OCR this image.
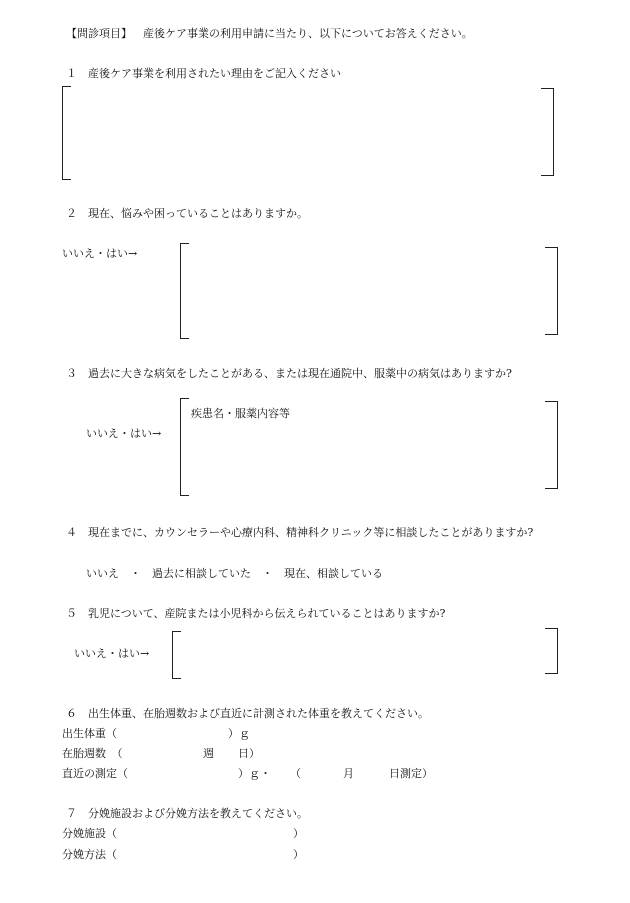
【問診項目】 産後ケア事業の利用申請に当たり、以下についてお答えください。
１ 産後ケア事業を利用されたい理由をご記入ください
２ 現在、悩みや困っていることはありますか。
いいえ・はい→
３ 過去に大きな病気をしたことがある、または現在通院中、服薬中の病気はありますか?
いいえ・はい→
疾患名・服薬内容等
４ 現在までに、カウンセラーや心療内科、精神科クリニック等に相談したことがありますか?
いいえ　・　過去に相談していた　・　現在、相談している
５ 乳児について、産院または小児科から伝えられていることはありますか?
いいえ・はい→
６ 出生体重、在胎週数および直近に計測された体重を教えてください。
出生体重（	）ｇ
在胎週数　（	週 日）
直近の測定（	）ｇ・ （	月	日測定）
７ 分娩施設および分娩方法を教えてください。
分娩施設（	）
分娩方法（	）
